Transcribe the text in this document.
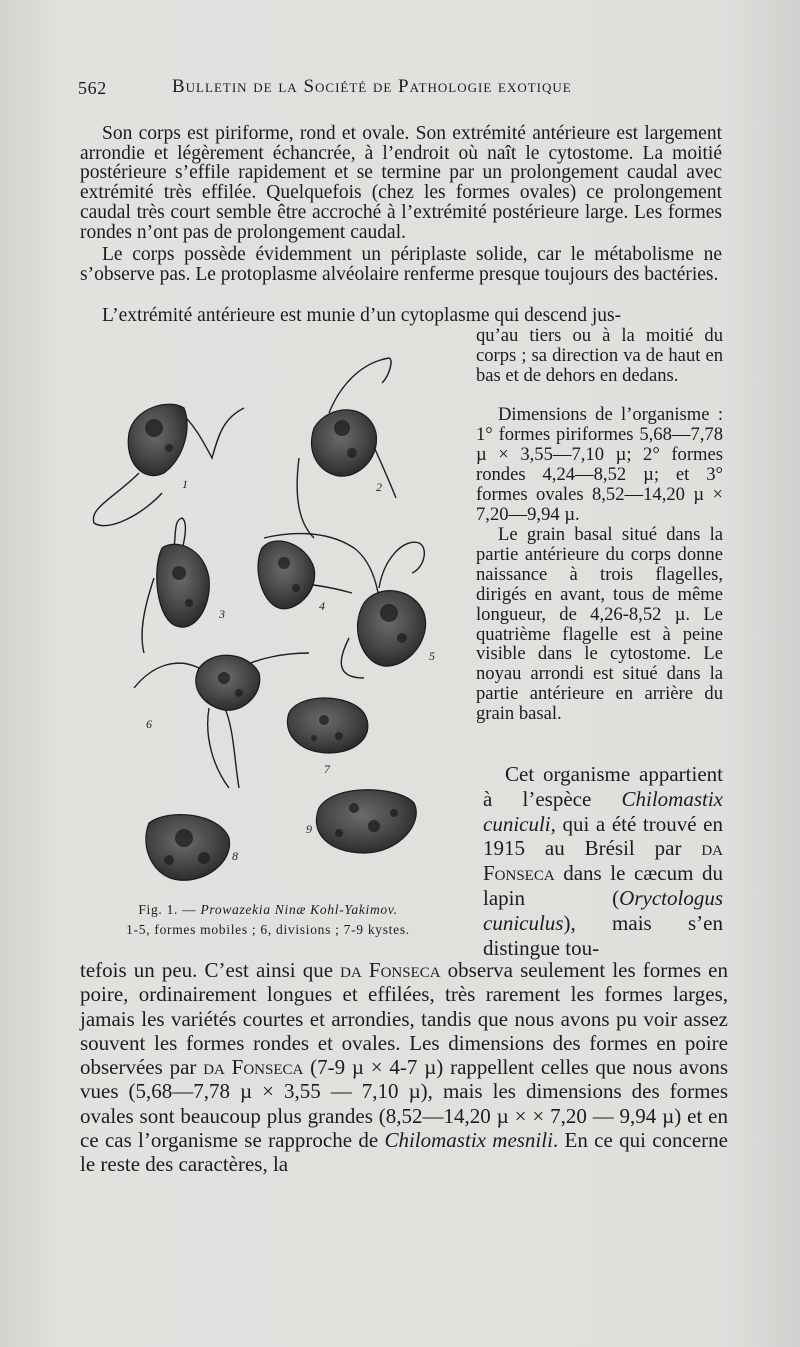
562	Bulletin de la Société de Pathologie exotique

Son corps est piriforme, rond et ovale. Son extrémité antérieure est largement arrondie et légèrement échancrée, à l’endroit où naît le cytostome. La moitié postérieure s’effile rapidement et se termine par un prolongement caudal avec extrémité très effilée. Quelquefois (chez les formes ovales) ce prolongement caudal très court semble être accroché à l’extrémité postérieure large. Les formes rondes n’ont pas de prolongement caudal.

Le corps possède évidemment un périplaste solide, car le métabolisme ne s’observe pas. Le protoplasme alvéolaire renferme presque toujours des bactéries.

L’extrémité antérieure est munie d’un cytoplasme qui descend jus-

qu’au tiers ou à la moitié du corps ; sa direction va de haut en bas et de dehors en dedans.

Dimensions de l’organisme : 1° formes piriformes 5,68—7,78 µ × 3,55—7,10 µ; 2° formes rondes 4,24—8,52 µ; et 3° formes ovales 8,52—14,20 µ × 7,20—9,94 µ.

Le grain basal situé dans la partie antérieure du corps donne naissance à trois flagelles, dirigés en avant, tous de même longueur, de 4,26-8,52 µ. Le quatrième flagelle est à peine visible dans le cytostome. Le noyau arrondi est situé dans la partie antérieure en arrière du grain basal.

Cet organisme appartient à l’espèce Chilomastix cuniculi, qui a été trouvé en 1915 au Brésil par da Fonseca dans le cæcum du lapin (Oryctologus cuniculus), mais s’en distingue tou-

tefois un peu. C’est ainsi que da Fonseca observa seulement les formes en poire, ordinairement longues et effilées, très rarement les formes larges, jamais les variétés courtes et arrondies, tandis que nous avons pu voir assez souvent les formes rondes et ovales. Les dimensions des formes en poire observées par da Fonseca (7-9 µ × 4-7 µ) rappellent celles que nous avons vues (5,68—7,78 µ × 3,55 — 7,10 µ), mais les dimensions des formes ovales sont beaucoup plus grandes (8,52—14,20 µ × × 7,20 — 9,94 µ) et en ce cas l’organisme se rapproche de Chilomastix mesnili. En ce qui concerne le reste des caractères, la

1	2
3
4
5
6
7
8
9
Fig. 1. — Prowazekia Ninæ Kohl-Yakimov.
1-5, formes mobiles ; 6, divisions ; 7-9 kystes.
